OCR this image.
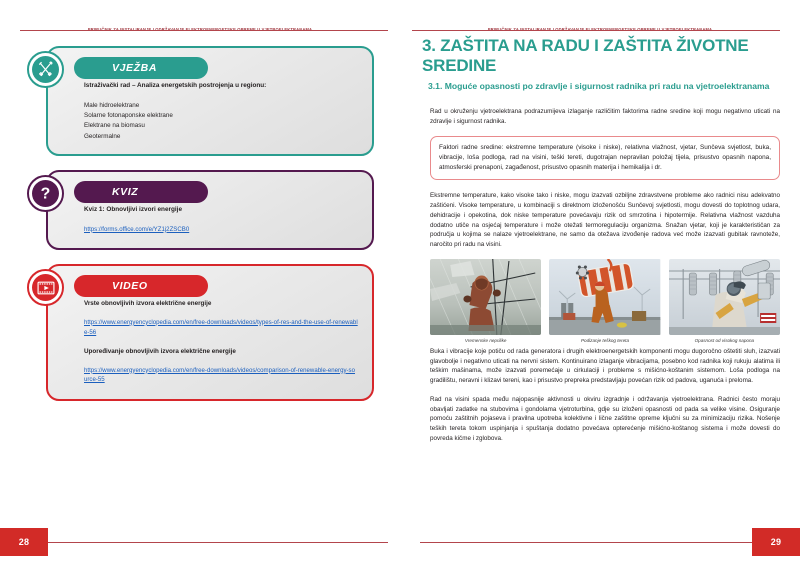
VJEŽBA

Istraživački rad – Analiza energetskih postrojenja u regionu:

Male hidroelektrane
Solarne fotonaponske elektrane
Elektrane na biomasu
Geotermalne
?	KVIZ

Kviz 1: Obnovljivi izvori energije

https://forms.office.com/e/YZ1j2ZSCB0
VIDEO

Vrste obnovljivih izvora električne energije

https://www.energyencyclopedia.com/en/free-downloads/videos/types-of-res-and-the-use-of-renewable-56

Upoređivanje obnovljivih izvora električne energije

https://www.energyencyclopedia.com/en/free-downloads/videos/comparison-of-renewable-energy-source-55
28
3. ZAŠTITA NA RADU I ZAŠTITA ŽIVOTNE SREDINE
3.1. Moguće opasnosti po zdravlje i sigurnost radnika pri radu na vjetroelektranama

Rad u okruženju vjetroelektrana podrazumijeva izlaganje različitim faktorima radne sredine koji mogu negativno uticati na zdravlje i sigurnost radnika.

Faktori radne sredine: ekstremne temperature (visoke i niske), relativna vlažnost, vjetar, Sunčeva svjetlost, buka, vibracije, loša podloga, rad na visini, teški tereti, dugotrajan nepravilan položaj tijela, prisustvo opasnih napona, atmosferski prenaponi, zagađenost, prisustvo opasnih materija i hemikalija i dr.

Ekstremne temperature, kako visoke tako i niske, mogu izazvati ozbiljne zdravstvene probleme ako radnici nisu adekvatno zaštićeni. Visoke temperature, u kombinaciji s direktnom izloženošću Sunčevoj svjetlosti, mogu dovesti do toplotnog udara, dehidracije i opekotina, dok niske temperature povećavaju rizik od smrzotina i hipotermije. Relativna vlažnost vazduha dodatno utiče na osjećaj temperature i može otežati termoregulaciju organizma. Snažan vjetar, koji je karakterističan za područja u kojima se nalaze vjetroelektrane, ne samo da otežava izvođenje radova već može izazvati gubitak ravnoteže, naročito pri radu na visini.

Vremenske neprilike	Podizanje teškog tereta	Opasnost od visokog napona

Buka i vibracije koje potiču od rada generatora i drugih elektroenergetskih komponenti mogu dugoročno oštetiti sluh, izazvati glavobolje i negativno uticati na nervni sistem. Kontinuirano izlaganje vibracijama, posebno kod radnika koji rukuju alatima ili teškim mašinama, može izazvati poremećaje u cirkulaciji i probleme s mišićno-koštanim sistemom. Loša podloga na gradilištu, neravni i klizavi tereni, kao i prisustvo prepreka predstavljaju povećan rizik od padova, uganuća i preloma.

Rad na visini spada među najopasnije aktivnosti u okviru izgradnje i održavanja vjetroelektrana. Radnici često moraju obavljati zadatke na stubovima i gondolama vjetroturbina, gdje su izloženi opasnosti od pada sa velike visine. Osiguranje pomoću zaštitnih pojaseva i pravilna upotreba kolektivne i lične zaštitne opreme ključni su za minimizaciju rizika. Nošenje teških tereta tokom uspinjanja i spuštanja dodatno povećava opterećenje mišićno-koštanog sistema i može dovesti do povreda kičme i zglobova.

29
